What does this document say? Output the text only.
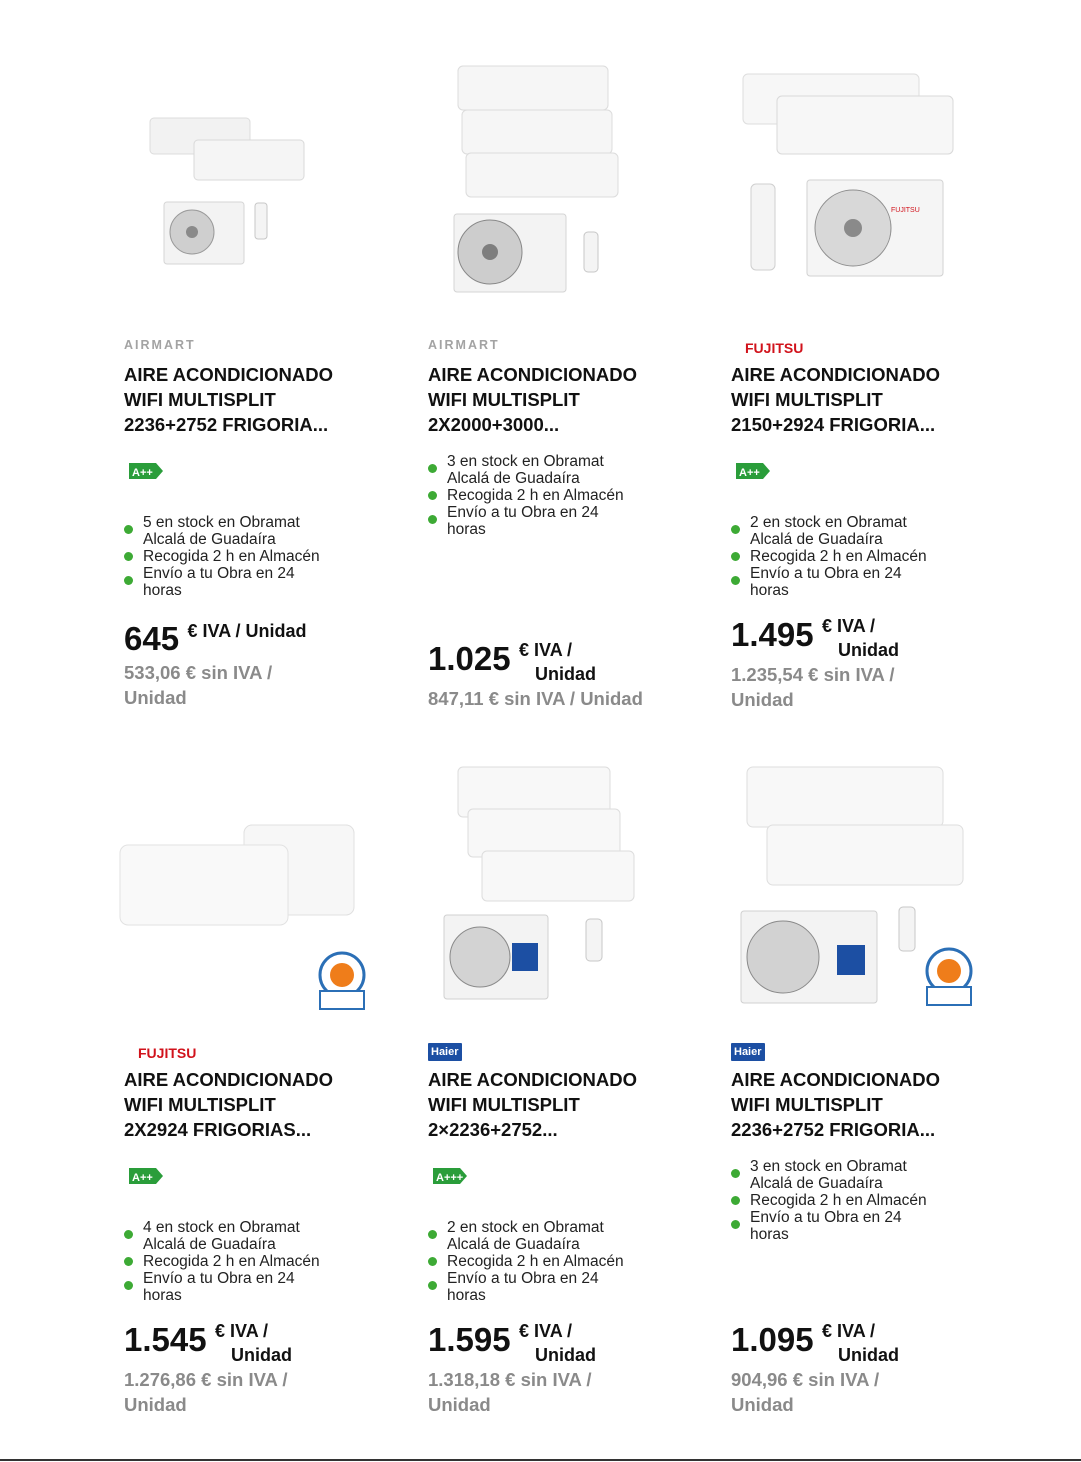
AIRMART
AIRE ACONDICIONADO
WIFI MULTISPLIT
2236+2752 FRIGORIA...
A++
5 en stock en Obramat
Alcalá de Guadaíra
Recogida 2 h en Almacén
Envío a tu Obra en 24
horas
645 € IVA / Unidad
533,06 € sin IVA /
Unidad
AIRMART
AIRE ACONDICIONADO
WIFI MULTISPLIT
2X2000+3000...
3 en stock en Obramat
Alcalá de Guadaíra
Recogida 2 h en Almacén
Envío a tu Obra en 24
horas
1.025 € IVA /
Unidad
847,11 € sin IVA / Unidad
FUJITSU
FUJITSU
AIRE ACONDICIONADO
WIFI MULTISPLIT
2150+2924 FRIGORIA...
A++
2 en stock en Obramat
Alcalá de Guadaíra
Recogida 2 h en Almacén
Envío a tu Obra en 24
horas
1.495 € IVA /
Unidad
1.235,54 € sin IVA /
Unidad
FUJITSU
AIRE ACONDICIONADO
WIFI MULTISPLIT
2X2924 FRIGORIAS...
A++
4 en stock en Obramat
Alcalá de Guadaíra
Recogida 2 h en Almacén
Envío a tu Obra en 24
horas
1.545 € IVA /
Unidad
1.276,86 € sin IVA /
Unidad
Haier
AIRE ACONDICIONADO
WIFI MULTISPLIT
2×2236+2752...
A+++
2 en stock en Obramat
Alcalá de Guadaíra
Recogida 2 h en Almacén
Envío a tu Obra en 24
horas
1.595 € IVA /
Unidad
1.318,18 € sin IVA /
Unidad
Haier
AIRE ACONDICIONADO
WIFI MULTISPLIT
2236+2752 FRIGORIA...
3 en stock en Obramat
Alcalá de Guadaíra
Recogida 2 h en Almacén
Envío a tu Obra en 24
horas
1.095 € IVA /
Unidad
904,96 € sin IVA /
Unidad
